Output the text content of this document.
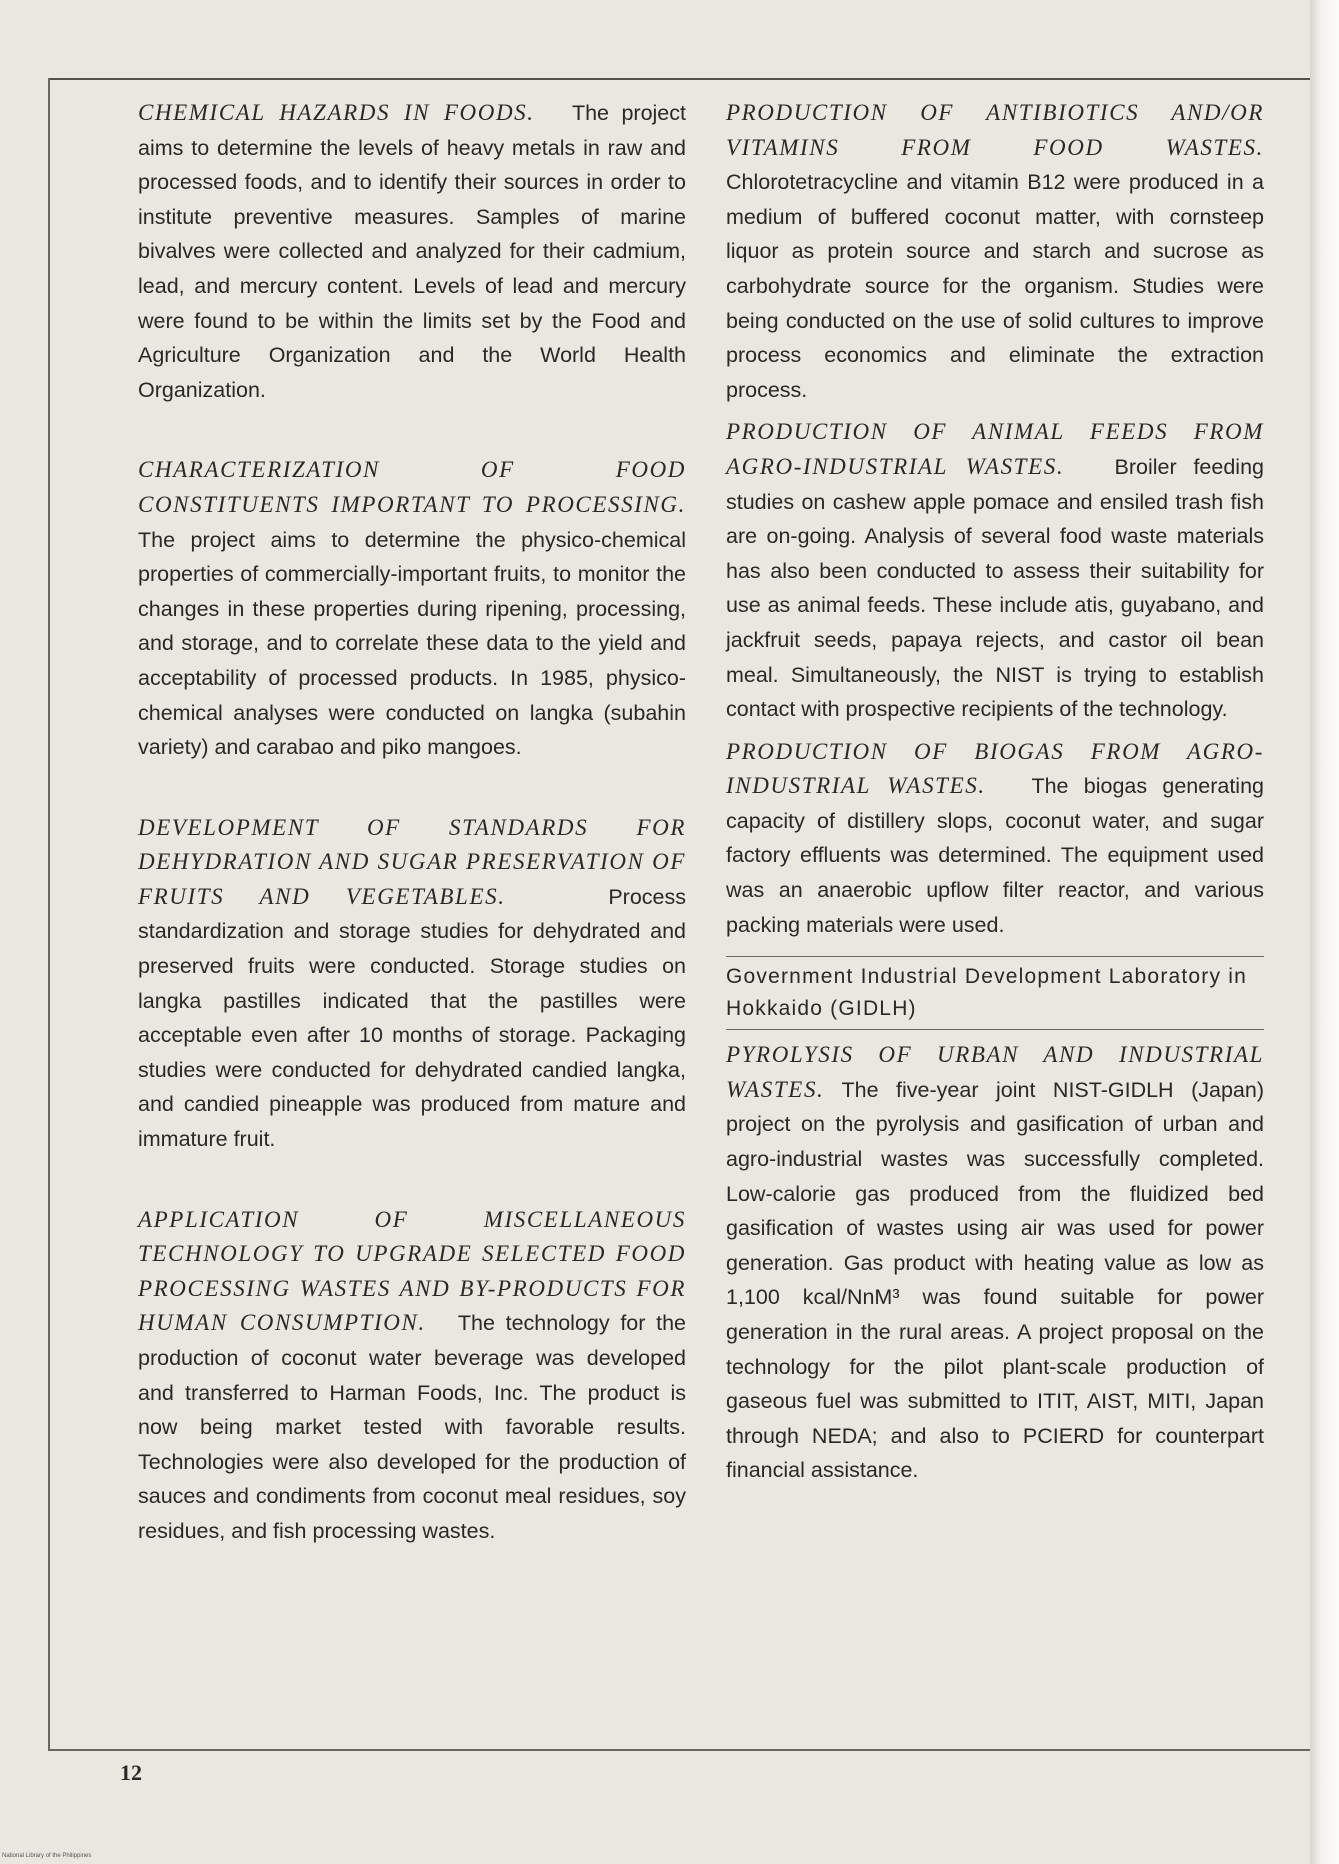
CHEMICAL HAZARDS IN FOODS. The project aims to determine the levels of heavy metals in raw and processed foods, and to identify their sources in order to institute preventive measures. Samples of marine bivalves were collected and analyzed for their cadmium, lead, and mercury content. Levels of lead and mercury were found to be within the limits set by the Food and Agriculture Organization and the World Health Organization.

CHARACTERIZATION OF FOOD CONSTITUENTS IMPORTANT TO PROCESSING. The project aims to determine the physico-chemical properties of commercially-important fruits, to monitor the changes in these properties during ripening, processing, and storage, and to correlate these data to the yield and acceptability of processed products. In 1985, physico-chemical analyses were conducted on langka (subahin variety) and carabao and piko mangoes.

DEVELOPMENT OF STANDARDS FOR DEHYDRATION AND SUGAR PRESERVATION OF FRUITS AND VEGETABLES.	Process standardization and storage studies for dehydrated and preserved fruits were conducted. Storage studies on langka pastilles indicated that the pastilles were acceptable even after 10 months of storage. Packaging studies were conducted for dehydrated candied langka, and candied pineapple was produced from mature and immature fruit.

APPLICATION OF MISCELLANEOUS TECHNOLOGY TO UPGRADE SELECTED FOOD PROCESSING WASTES AND BY-PRODUCTS FOR HUMAN CONSUMPTION. The technology for the production of coconut water beverage was developed and transferred to Harman Foods, Inc. The product is now being market tested with favorable results. Technologies were also developed for the production of sauces and condiments from coconut meal residues, soy residues, and fish processing wastes.

PRODUCTION OF ANTIBIOTICS AND/OR VITAMINS FROM FOOD WASTES. Chlorotetracycline and vitamin B12 were produced in a medium of buffered coconut matter, with cornsteep liquor as protein source and starch and sucrose as carbohydrate source for the organism. Studies were being conducted on the use of solid cultures to improve process economics and eliminate the extraction process.

PRODUCTION OF ANIMAL FEEDS FROM AGRO-INDUSTRIAL WASTES. Broiler feeding studies on cashew apple pomace and ensiled trash fish are on-going. Analysis of several food waste materials has also been conducted to assess their suitability for use as animal feeds. These include atis, guyabano, and jackfruit seeds, papaya rejects, and castor oil bean meal. Simultaneously, the NIST is trying to establish contact with prospective recipients of the technology.

PRODUCTION OF BIOGAS FROM AGRO-INDUSTRIAL WASTES. The biogas generating capacity of distillery slops, coconut water, and sugar factory effluents was determined. The equipment used was an anaerobic upflow filter reactor, and various packing materials were used.

Government Industrial Development Laboratory in Hokkaido (GIDLH)

PYROLYSIS OF URBAN AND INDUSTRIAL WASTES. The five-year joint NIST-GIDLH (Japan) project on the pyrolysis and gasification of urban and agro-industrial wastes was successfully completed. Low-calorie gas produced from the fluidized bed gasification of wastes using air was used for power generation. Gas product with heating value as low as 1,100 kcal/NnM³ was found suitable for power generation in the rural areas. A project proposal on the technology for the pilot plant-scale production of gaseous fuel was submitted to ITIT, AIST, MITI, Japan through NEDA; and also to PCIERD for counterpart financial assistance.

12
National Library of the Philippines
